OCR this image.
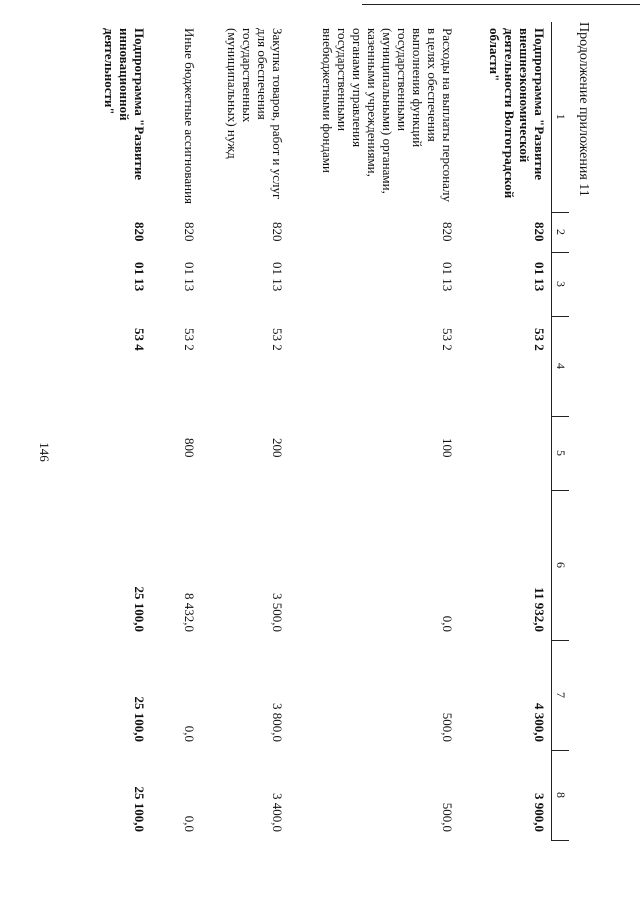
146
Продолжение приложения 11
1	2	3	4	5	6	7	8
Подпрограмма "Развитие внешнеэкономической деятельности Волгоградской области"	820	01 13	53 2		11 932,0	4 300,0	3 900,0
Расходы на выплаты персоналу в целях обеспечения выполнения функций государственными (муниципальными) органами, казенными учреждениями, органами управления государственными внебюджетными фондами	820	01 13	53 2	100	0,0	500,0	500,0
Закупка товаров, работ и услуг для обеспечения государственных (муниципальных) нужд	820	01 13	53 2	200	3 500,0	3 800,0	3 400,0
Иные бюджетные ассигнования	820	01 13	53 2	800	8 432,0	0,0	0,0
Подпрограмма "Развитие инновационной деятельности"	820	01 13	53 4		25 100,0	25 100,0	25 100,0
